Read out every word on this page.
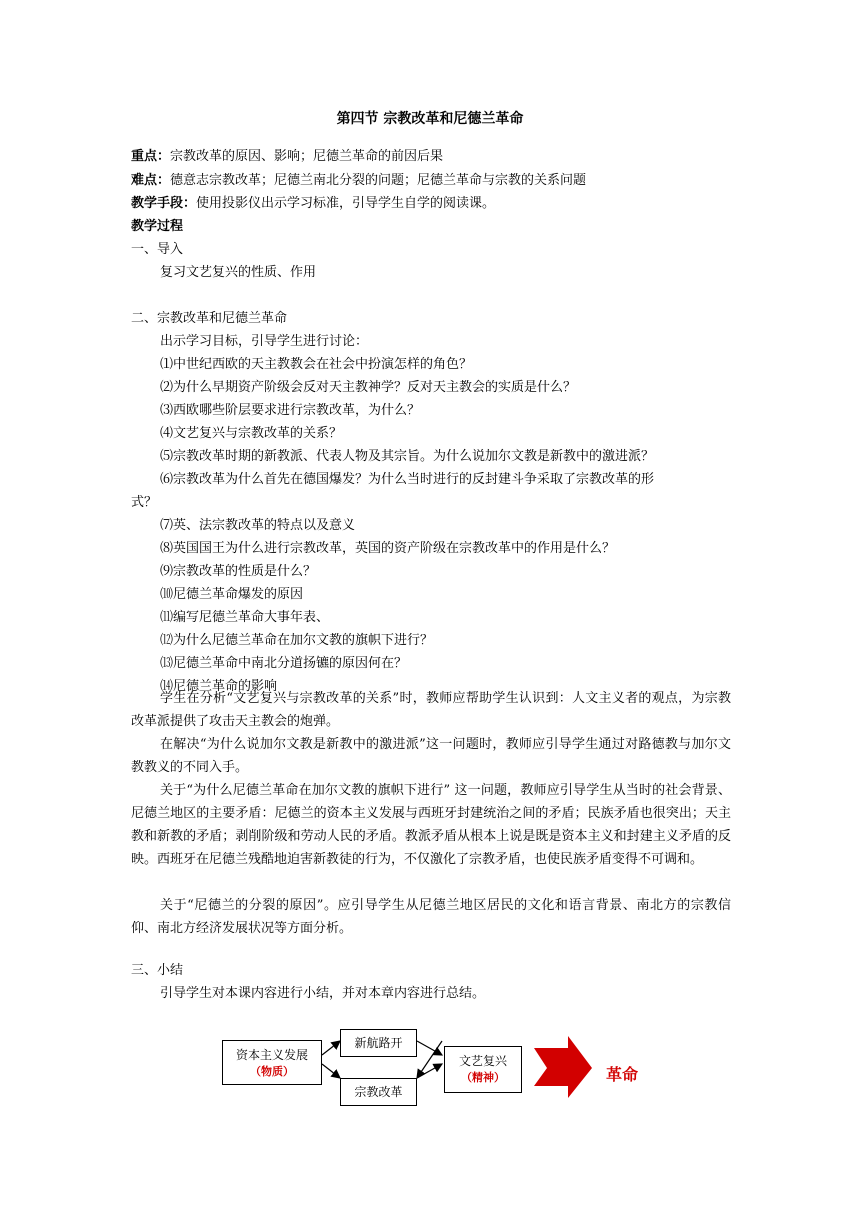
第四节 宗教改革和尼德兰革命
重点：宗教改革的原因、影响；尼德兰革命的前因后果
难点：德意志宗教改革；尼德兰南北分裂的问题；尼德兰革命与宗教的关系问题
教学手段：使用投影仪出示学习标准，引导学生自学的阅读课。
教学过程
一、导入
复习文艺复兴的性质、作用
二、宗教改革和尼德兰革命
出示学习目标，引导学生进行讨论：
⑴中世纪西欧的天主教教会在社会中扮演怎样的角色？
⑵为什么早期资产阶级会反对天主教神学？反对天主教会的实质是什么？
⑶西欧哪些阶层要求进行宗教改革，为什么？
⑷文艺复兴与宗教改革的关系？
⑸宗教改革时期的新教派、代表人物及其宗旨。为什么说加尔文教是新教中的激进派？
⑹宗教改革为什么首先在德国爆发？为什么当时进行的反封建斗争采取了宗教改革的形
式？
⑺英、法宗教改革的特点以及意义
⑻英国国王为什么进行宗教改革，英国的资产阶级在宗教改革中的作用是什么？
⑼宗教改革的性质是什么？
⑽尼德兰革命爆发的原因
⑾编写尼德兰革命大事年表、
⑿为什么尼德兰革命在加尔文教的旗帜下进行？
⒀尼德兰革命中南北分道扬镳的原因何在？
⒁尼德兰革命的影响
学生在分析“文艺复兴与宗教改革的关系”时，教师应帮助学生认识到：人文主义者的观点，为宗教改革派提供了攻击天主教会的炮弹。
在解决“为什么说加尔文教是新教中的激进派”这一问题时，教师应引导学生通过对路德教与加尔文教教义的不同入手。
关于“为什么尼德兰革命在加尔文教的旗帜下进行” 这一问题，教师应引导学生从当时的社会背景、尼德兰地区的主要矛盾：尼德兰的资本主义发展与西班牙封建统治之间的矛盾；民族矛盾也很突出；天主教和新教的矛盾；剥削阶级和劳动人民的矛盾。教派矛盾从根本上说是既是资本主义和封建主义矛盾的反映。西班牙在尼德兰残酷地迫害新教徒的行为，不仅激化了宗教矛盾，也使民族矛盾变得不可调和。
关于“尼德兰的分裂的原因”。应引导学生从尼德兰地区居民的文化和语言背景、南北方的宗教信仰、南北方经济发展状况等方面分析。
三、小结
引导学生对本课内容进行小结，并对本章内容进行总结。
资本主义发展
（物质）
新航路开
宗教改革
文艺复兴
（精神）	革命
